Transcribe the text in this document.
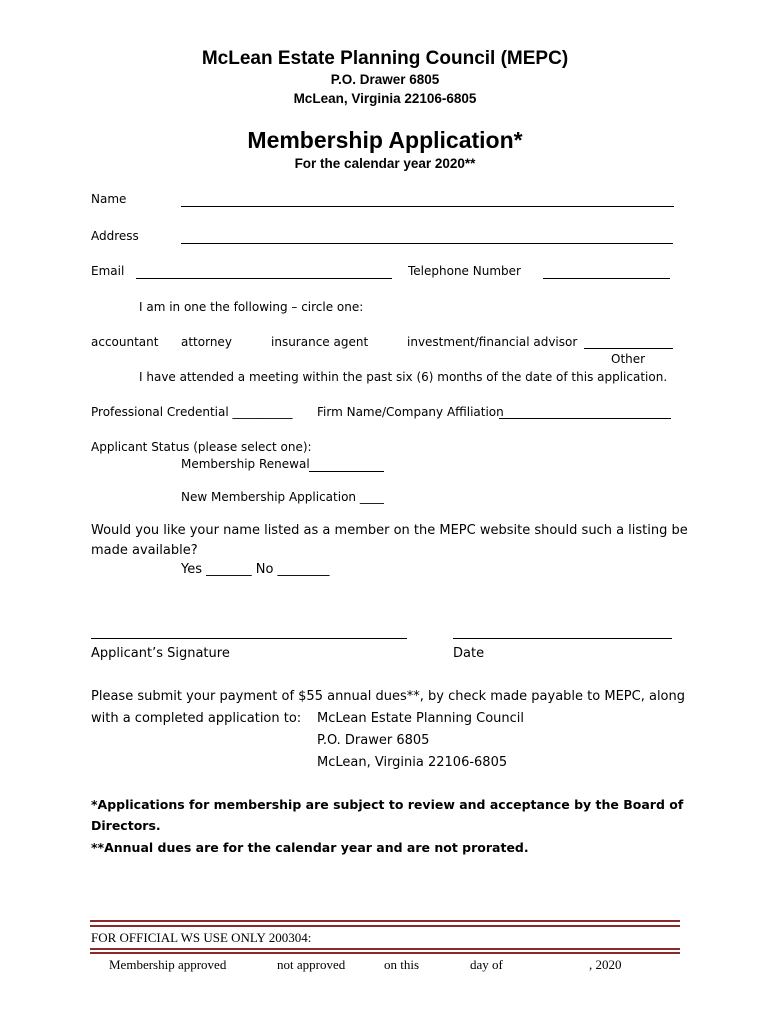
McLean Estate Planning Council (MEPC)
P.O. Drawer 6805
McLean, Virginia 22106-6805
Membership Application*
For the calendar year 2020**
Name
Address
Email	Telephone Number
I am in one the following – circle one:
accountant attorney	insurance agent	investment/financial advisor
Other
I have attended a meeting within the past six (6) months of the date of this application.
Professional Credential __________ Firm Name/Company Affiliation
Applicant Status (please select one):
Membership Renewal
New Membership Application ____
Would you like your name listed as a member on the MEPC website should such a listing be
made available?
Yes _______ No ________
Applicant’s Signature	Date
Please submit your payment of $55 annual dues**, by check made payable to MEPC, along
with a completed application to: McLean Estate Planning Council
P.O. Drawer 6805
McLean, Virginia 22106-6805
*Applications for membership are subject to review and acceptance by the Board of
Directors.
**Annual dues are for the calendar year and are not prorated.
FOR OFFICIAL WS USE ONLY 200304:
Membership approved	not approved	on this	day of	, 2020
